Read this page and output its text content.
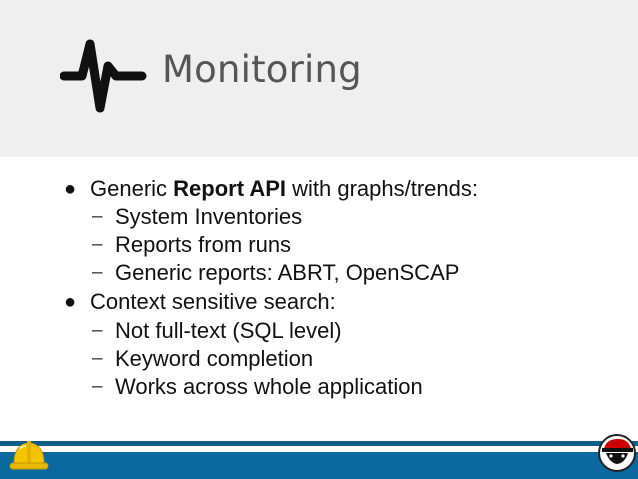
Monitoring
● Generic Report API with graphs/trends:
– System Inventories
– Reports from runs
– Generic reports: ABRT, OpenSCAP
● Context sensitive search:
– Not full-text (SQL level)
– Keyword completion
– Works across whole application
